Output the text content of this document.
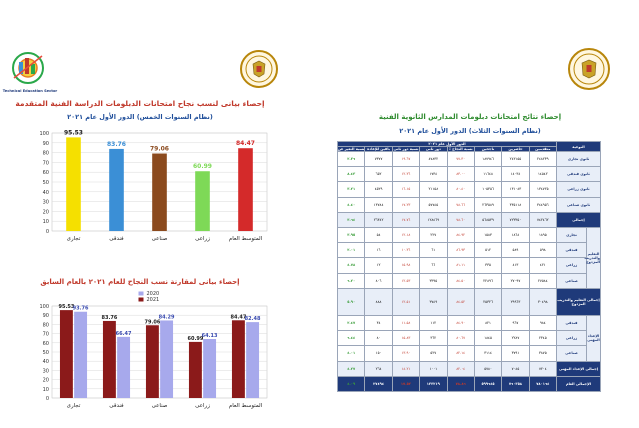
Technical Education Sector
إحصاء بيانى لنسب نجاح امتحانات الدبلومات الدراسة الفنية المتقدمة
(نظام السنوات الخمس) الدور الأول عام ٢٠٢١
إحصاء بيانى لمقارنة نسب النجاح للعام ٢٠٢١ بالعام السابق
إحصاء نتائج امتحانات دبلومات المدارس الثانوية الفنية
(نظام السنوات الثلاث) الدور الأول عام ٢٠٢١
0
10
20
30
40
50
60
70
80
90
100
تجارى
95.53
فندقى
83.76
صناعى
79.06
زراعى
60.99
المتوسط العام
84.47
0
10
20
30
40
50
60
70
80
90
100
تجارى
95.53
93.76
فندقى
83.76
66.47
صناعى
79.06
84.29
زراعى
60.99
64.13
المتوسط العام
84.47
82.48
2020
2021
النوعية		الدور الأول عام ٢٠٢١							
		متقدمين	حاضرين	ناجحين	نسبة النجاح ٪	دور ثانى	نسبة دور ثانى	باقين للإعادة	نسبة التغير عن العام السابق
ثانوى تجارى		٢٤٨٢٣٩	٢٤٣١٥٥	١٨٧٩٤٦	٧٧.٣٠	٤٧٨٣٢	١٩.٦٧	٧٣٧٧	٢.٣٦
ثانوى فندقى		١٤٥٤٢	١٤٠٣٤	١١٦٤٨	٨٣.٠٠	١٧٣٤	١٢.٣٦	٦٥٢	٨.٤٣
ثانوى زراعى		١٣٤٧٢٥	١٣١٠٤٣	١٠٥٣٥٦	٨٠.٤٠	٢١١٥٨	١٦.١٥	٤٥٢٩	٣.٢١
ثانوى صناعى		٣٤٤٩٥٦	٣٣٥١١٨	٢٦٣٥٨٩	٧٨.٦٦	٥٧٧٤٥	١٧.٢٣	١٣٧٨٤	٤.٤٠
إجمالى		٧٤٢٤٦٢	٧٢٣٣٥٠	٥٦٨٥٣٩	٧٨.٦٠	١٢٨٤٦٩	١٧.٧٦	٢٦٣٤٢	٣.٦٤
التعليم والتدريب المزدوج	تجارى	١٨٩٥	١٨٦٤	١٥٨٣	٨٤.٩٢	٢٢٧	١٢.١٨	٥٤	٣.٩٥
	فندقى	٥٩٨	٥٨٩	٥١٢	٨٦.٩٣	٦١	١٠.٣٦	١٦	٢.٠١
	زراعى	٤٢١	٤١٣	٣٣٥	٨١.١١	٦٦	١٥.٩٨	١٢	٤.٧٨
	صناعى	٢٧٥٨٤	٢٧٠٩٧	٢٢٨٩٦	٨٤.٥٠	٣٣٩٥	١٢.٥٣	٨٠٦	٦.٢٠
إجمالى التعليم والتدريب المزدوج		٣٠٤٩٨	٢٩٩٦٣	٢٥٣٢٦	٨٤.٥٢	٣٧٤٩	١٢.٥١	٨٨٨	٥.٩٠
الإعداد المهنى	فندقى	٩٨٤	٩٦٧	٨٢١	٨٤.٩٠	١١٢	١١.٥٨	٣٤	٢.٤٧
	زراعى	٢٣٤٥	٢٢٨٧	١٨٤٥	٨٠.٦٧	٣٦٢	١٥.٨٣	٨٠	٦.٤٤
	صناعى	٣٨٧٥	٣٧٩١	٣١١٤	٨٢.١٤	٥٢٧	١٣.٩٠	١٥٠	٤.٠١
إجمالى الإعداد المهنى		٧٢٠٤	٧٠٤٥	٥٧٨٠	٨٢.٠٤	١٠٠١	١٤.٢١	٢٦٤	٤.٢٧
الإجمالى العام		٧٨٠١٦٤	٧٦٠٣٥٨	٥٩٩٦٤٥	٧٨.٨٦	١٣٣٢١٩	١٧.٥٢	٢٧٤٩٤	٤.٠٩
